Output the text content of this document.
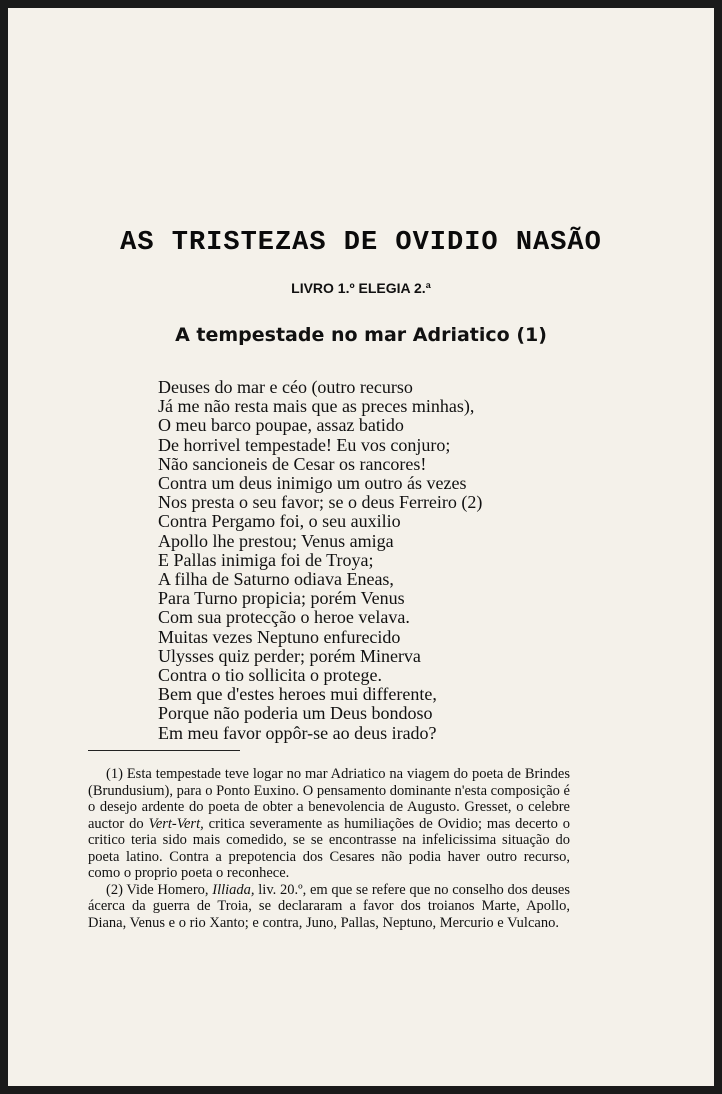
AS TRISTEZAS DE OVIDIO NASÃO
LIVRO 1.º ELEGIA 2.ª
A tempestade no mar Adriatico (1)
Deuses do mar e céo (outro recurso
Já me não resta mais que as preces minhas),
O meu barco poupae, assaz batido
De horrivel tempestade! Eu vos conjuro;
Não sancioneis de Cesar os rancores!
Contra um deus inimigo um outro ás vezes
Nos presta o seu favor; se o deus Ferreiro (2)
Contra Pergamo foi, o seu auxilio
Apollo lhe prestou; Venus amiga
E Pallas inimiga foi de Troya;
A filha de Saturno odiava Eneas,
Para Turno propicia; porém Venus
Com sua protecção o heroe velava.
Muitas vezes Neptuno enfurecido
Ulysses quiz perder; porém Minerva
Contra o tio sollicita o protege.
Bem que d'estes heroes mui differente,
Porque não poderia um Deus bondoso
Em meu favor oppôr-se ao deus irado?

(1) Esta tempestade teve logar no mar Adriatico na viagem do poeta de Brindes (Brundusium), para o Ponto Euxino. O pensamento dominante n'esta composição é o desejo ardente do poeta de obter a benevolencia de Augusto. Gresset, o celebre auctor do Vert-Vert, critica severamente as humiliações de Ovidio; mas decerto o critico teria sido mais comedido, se se encontrasse na infelicissima situação do poeta latino. Contra a prepotencia dos Cesares não podia haver outro recurso, como o proprio poeta o reconhece.

(2) Vide Homero, Illiada, liv. 20.º, em que se refere que no conselho dos deuses ácerca da guerra de Troia, se declararam a favor dos troianos Marte, Apollo, Diana, Venus e o rio Xanto; e contra, Juno, Pallas, Neptuno, Mercurio e Vulcano.
